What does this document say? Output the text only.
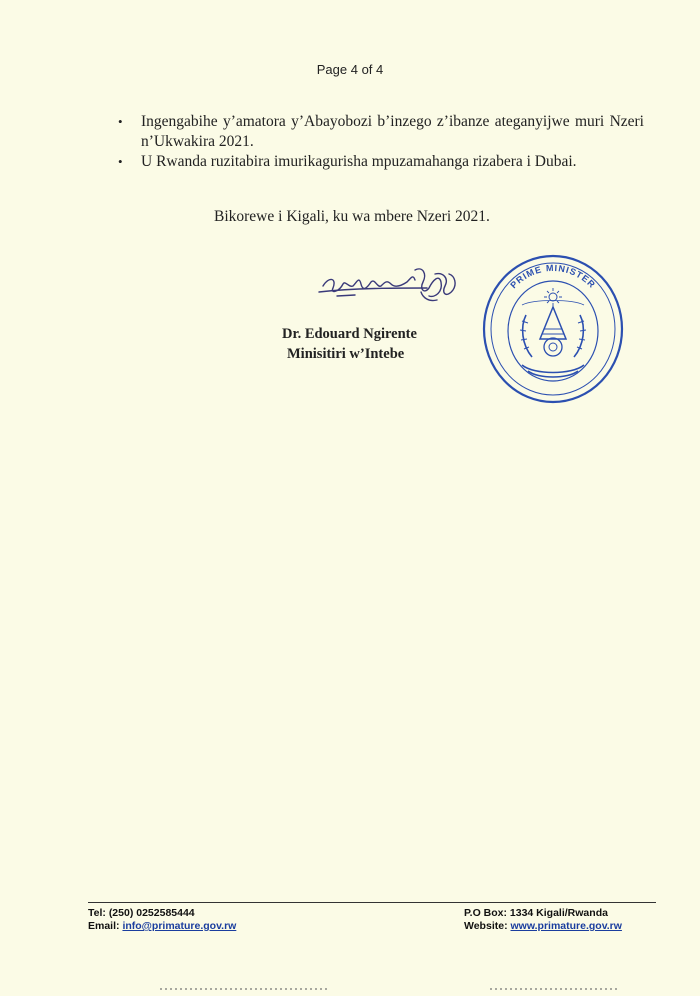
Page 4 of 4
• Ingengabihe y’amatora y’Abayobozi b’inzego z’ibanze ateganyijwe muri Nzeri n’Ukwakira 2021.
• U Rwanda ruzitabira imurikagurisha mpuzamahanga rizabera i Dubai.
Bikorewe i Kigali, ku wa mbere Nzeri 2021.
Dr. Edouard Ngirente
Minisitiri w’Intebe
PRIME MINISTER
Tel: (250) 0252585444
Email: info@primature.gov.rw
P.O Box: 1334 Kigali/Rwanda
Website: www.primature.gov.rw
